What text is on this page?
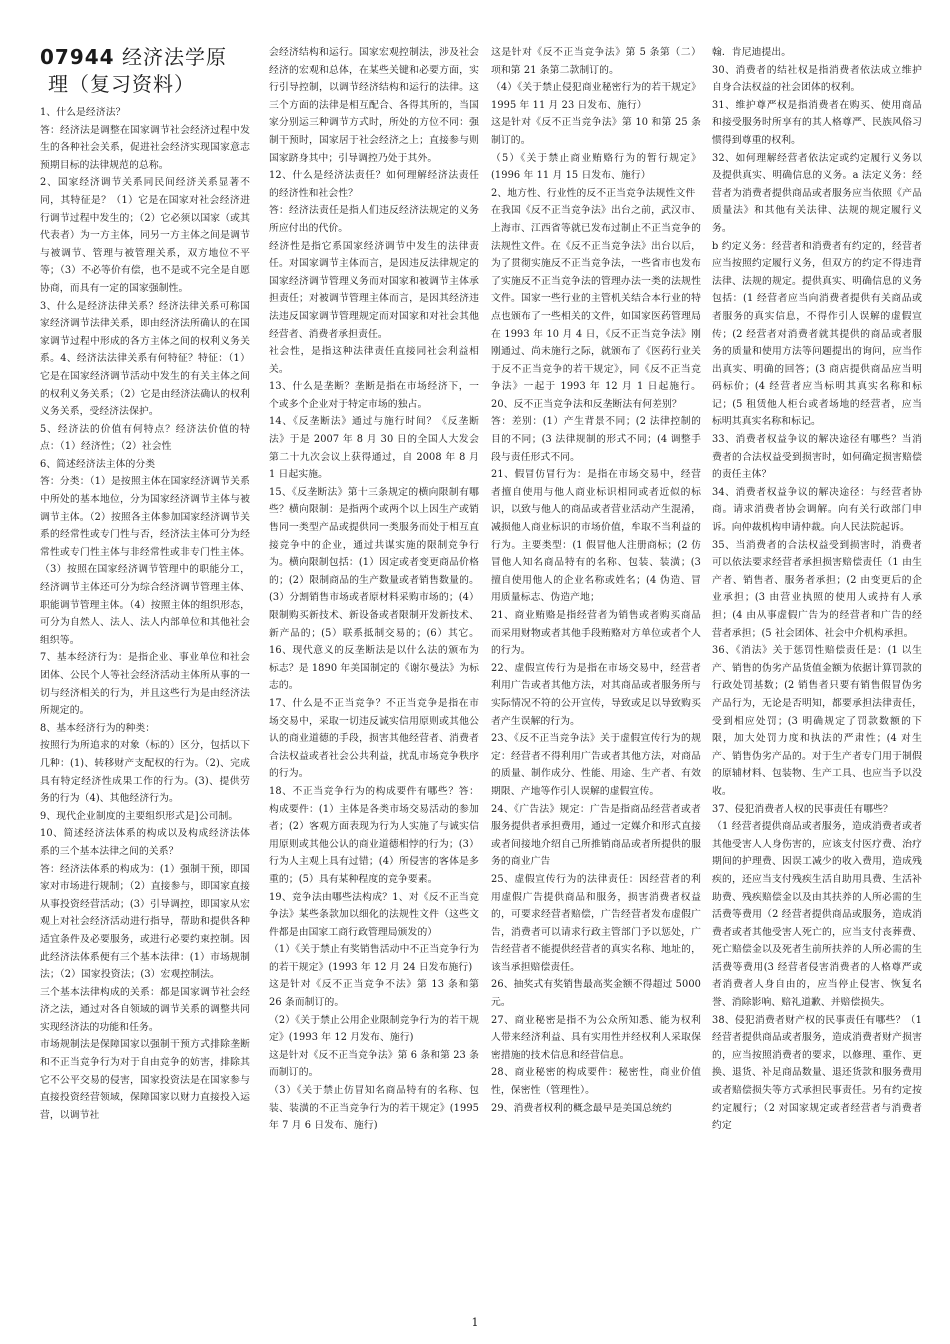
07944 经济法学原
理（复习资料）

1、什么是经济法？

答：经济法是调整在国家调节社会经济过程中发生的各种社会关系，促进社会经济实现国家意志预期目标的法律规范的总称。

2、国家经济调节关系同民间经济关系显著不同，其特征是？（1）它是在国家对社会经济进行调节过程中发生的；（2）它必须以国家（或其代表者）为一方主体，同另一方主体之间是调节与被调节、管理与被管理关系，双方地位不平等；（3）不必等价有偿，也不是或不完全是自愿协商，而具有一定的国家强制性。

3、什么是经济法律关系？经济法律关系可称国家经济调节法律关系，即由经济法所确认的在国家调节过程中形成的各方主体之间的权利义务关系。4、经济法法律关系有何特征？特征：（1）它是在国家经济调节活动中发生的有关主体之间的权利义务关系；（2）它是由经济法确认的权利义务关系，受经济法保护。

5、经济法的价值有何特点？经济法价值的特点：（1）经济性；（2）社会性

6、简述经济法主体的分类

答：分类：（1）是按照主体在国家经济调节关系中所处的基本地位，分为国家经济调节主体与被调节主体。（2）按照各主体参加国家经济调节关系的经常性或专门性与否，经济法主体可分为经常性或专门性主体与非经常性或非专门性主体。（3）按照在国家经济调节管理中的职能分工，经济调节主体还可分为综合经济调节管理主体、职能调节管理主体。（4）按照主体的组织形态，可分为自然人、法人、法人内部单位和其他社会组织等。

7、基本经济行为：是指企业、事业单位和社会团体、公民个人等社会经济活动主体所从事的一切与经济相关的行为，并且这些行为是由经济法所规定的。

8、基本经济行为的种类：

按照行为所追求的对象（标的）区分，包括以下几种：(1)、转移财产支配权的行为。（2)、完成具有特定经济性成果工作的行为。(3)、提供劳务的行为（4)、其他经济行为。

9、现代企业制度的主要组织形式是]公司制。

10、简述经济法体系的构成以及构成经济法体系的三个基本法律之间的关系？

答：经济法体系的构成为：(1）强制干预，即国家对市场进行规制；（2）直接参与，即国家直接从事投资经营活动；(3）引导调控，即国家从宏观上对社会经济活动进行指导，帮助和提供各种适宜条件及必要服务，或进行必要约束控制。因此经济法体系便有三个基本法律：(1）市场规制法；（2）国家投资法；(3）宏观控制法。

三个基本法律构成的关系：都是国家调节社会经济之法，通过对各自领域的调节关系的调整共同实现经济法的功能和任务。

市场规制法是保障国家以强制干预方式排除垄断和不正当竞争行为对于自由竞争的妨害，排除其它不公平交易的侵害，国家投资法是在国家参与直接投资经营领域，保障国家以财力直接投入运营，以调节社

会经济结构和运行。国家宏观控制法，涉及社会经济的宏观和总体，在某些关键和必要方面，实行引导控制，以调节经济结构和运行的法律。这三个方面的法律是相互配合、各得其所的，当国家分别运三种调节方式时，所处的方位不同：强制干预时，国家居于社会经济之上；直接参与则国家跻身其中；引导调控乃处于其外。

12、什么是经济法责任？如何理解经济法责任的经济性和社会性？

答：经济法责任是指人们违反经济法规定的义务所应付出的代价。

经济性是指它系国家经济调节中发生的法律责任。对国家调节主体而言，是因违反法律规定的国家经济调节管理义务而对国家和被调节主体承担责任；对被调节管理主体而言，是因其经济违法违反国家调节管理规定而对国家和对社会其他经营者、消费者承担责任。

社会性，是指这种法律责任直接同社会利益相关。

13、什么是垄断？垄断是指在市场经济下，一个或多个企业对于特定市场的独占。

14、《反垄断法》通过与施行时间？《反垄断法》于是 2007 年 8 月 30 日的全国人大发会第二十九次会议上获得通过，自 2008 年 8 月 1 日起实施。

15、《反垄断法》第十三条规定的横向限制有哪些？横向限制：是指两个或两个以上因生产或销售同一类型产品或提供同一类服务而处于相互直接竞争中的企业，通过共谋实施的限制竞争行为。横向限制包括：(1）因定或者变更商品价格的；(2）限制商品的生产数量或者销售数量的。(3）分割销售市场或者原材料采购市场的；(4）限制购买新技术、新设备或者限制开发新技术、新产品的；(5）联系抵制交易的；(6）其它。16、现代意义的反垄断法是以什么法的颁布为标志？是 1890 年美国制定的《谢尔曼法》为标志的。

17、什么是不正当竞争？不正当竞争是指在市场交易中，采取一切违反诚实信用原则或其他公认的商业道德的手段，损害其他经营者、消费者合法权益或者社会公共利益，扰乱市场竞争秩序的行为。

18、不正当竞争行为的构成要件有哪些？答：构成要件：(1）主体是各类市场交易活动的参加者；(2）客观方面表现为行为人实施了与诚实信用原则或其他公认的商业道德相悖的行为；(3）行为人主观上具有过错；(4）所侵害的客体是多重的；(5）具有某种程度的竞争要素。

19、竞争法由哪些法构成？1、对《反不正当竞争法》某些条款加以细化的法规性文件（这些文件都是由国家工商行政管理局颁发的）

（1）《关于禁止有奖销售活动中不正当竞争行为的若干规定》(1993 年 12 月 24 日发布施行)

这是针对《反不正当竞争不法》第 13 条和第 26 条而制订的。

（2）《关于禁止公用企业限制竞争行为的若干规定》(1993 年 12 月发布、施行)

这是针对《反不正当竞争法》第 6 条和第 23 条而制订的。

（3）《关于禁止仿冒知名商品特有的名称、包装、装潢的不正当竞争行为的若干规定》(1995 年 7 月 6 日发布、施行)

这是针对《反不正当竞争法》第 5 条第（二）项和第 21 条第二款制订的。

（4）《关于禁止侵犯商业秘密行为的若干规定》1995 年 11 月 23 日发布、施行）

这是针对《反不正当竞争法》第 10 和第 25 条制订的。

（5）《关于禁止商业贿赂行为的暂行规定》(1996 年 11 月 15 日发布、施行）

2、地方性、行业性的反不正当竞争法规性文件

在我国《反不正当竞争法》出台之前，武汉市、上海市、江西省等就已发布过制止不正当竞争的法规性文件。在《反不正当竞争法》出台以后，为了贯彻实施反不正当竞争法，一些省市也发布了实施反不正当竞争法的管理办法一类的法规性文件。国家一些行业的主管机关结合本行业的特点也颁布了一些相关的文件，如国家医药管理局在 1993 年 10 月 4 日，《反不正当竞争法》刚刚通过、尚未施行之际，就颁布了《医药行业关于反不正当竞争的若干规定》，同《反不正当竞争法》一起于 1993 年 12 月 1 日起施行。20、反不正当竞争法和反垄断法有何差别？

答：差别：(1）产生背景不同；(2 法律控制的目的不同；(3 法律规制的形式不同；(4 调整手段与责任形式不同。

21、假冒仿冒行为：是指在市场交易中，经营者擅自使用与他人商业标识相同或者近似的标识，以致与他人的商品或者营业活动产生混淆，减损他人商业标识的市场价值，牟取不当利益的行为。主要类型：(1 假冒他人注册商标；(2 仿冒他人知名商品特有的名称、包装、装潢；(3 擅自使用他人的企业名称或姓名；(4 伪造、冒用质量标志、伪造产地；

21、商业贿赂是指经营者为销售或者购买商品而采用财物或者其他手段贿赂对方单位或者个人的行为。

22、虚假宣传行为是指在市场交易中，经营者利用广告或者其他方法，对其商品或者服务所与实际情况不符的公开宣传，导致或足以导致购买者产生误解的行为。

23、《反不正当竞争法》关于虚假宣传行为的规定：经营者不得利用广告或者其他方法，对商品的质量、制作成分、性能、用途、生产者、有效期限、产地等作引人误解的虚假宣传。

24、《广告法》规定：广告是指商品经营者或者服务提供者承担费用，通过一定媒介和形式直接或者间接地介绍自己所推销商品或者所提供的服务的商业广告

25、虚假宣传行为的法律责任：因经营者的利用虚假广告提供商品和服务，损害消费者权益的，可要求经营者赔偿，广告经营者发布虚假广告，消费者可以请求行政主管部门予以惩处，广告经营者不能提供经营者的真实名称、地址的，该当承担赔偿责任。

26、抽奖式有奖销售最高奖金额不得超过 5000 元。

27、商业秘密是指不为公众所知悉、能为权利人带来经济利益、具有实用性并经权利人采取保密措施的技术信息和经营信息。

28、商业秘密的构成要件：秘密性，商业价值性，保密性（管理性）。

29、消费者权利的概念最早是美国总统约

翰．肯尼迪提出。

30、消费者的结社权是指消费者依法成立维护自身合法权益的社会团体的权利。

31、维护尊严权是指消费者在购买、使用商品和接受服务时所享有的其人格尊严、民族风俗习惯得到尊重的权利。

32、如何理解经营者依法定或约定履行义务以及提供真实、明确信息的义务。a 法定义务：经营者为消费者提供商品或者服务应当依照《产品质量法》和其他有关法律、法规的规定履行义务。

b 约定义务：经营者和消费者有约定的，经营者应当按照约定履行义务，但双方的约定不得违背法律、法规的规定。提供真实、明确信息的义务包括：(1 经营者应当向消费者提供有关商品或者服务的真实信息，不得作引人误解的虚假宣传；(2 经营者对消费者就其提供的商品或者服务的质量和使用方法等问题提出的询问，应当作出真实、明确的回答；(3 商店提供商品应当明码标价；(4 经营者应当标明其真实名称和标记；(5 租赁他人柜台或者场地的经营者，应当标明其真实名称和标记。

33、消费者权益争议的解决途径有哪些？当消费者的合法权益受到损害时，如何确定损害赔偿的责任主体？

34、消费者权益争议的解决途径：与经营者协商。请求消费者协会调解。向有关行政部门申诉。向仲裁机构申请仲裁。向人民法院起诉。

35、当消费者的合法权益受到损害时，消费者可以依法要求经营者承担损害赔偿责任（1 由生产者、销售者、服务者承担；(2 由变更后的企业承担；(3 由营业执照的使用人或持有人承担；(4 由从事虚假广告为的经营者和广告的经营者承担；(5 社会团体、社会中介机构承担。

36、《消法》关于惩罚性赔偿责任是：(1 以生产、销售的伪劣产品货值金额为依据计算罚款的行政处罚基数；(2 销售者只要有销售假冒伪劣产品行为，无论是否明知，都要承担法律责任，受到相应处罚；(3 明确规定了罚款数额的下限，加大处罚力度和执法的严肃性；(4 对生产、销售伪劣产品的。对于生产者专门用于制假的原辅材料、包装物、生产工具、也应当予以没收。

37、侵犯消费者人权的民事责任有哪些？

（1 经营者提供商品或者服务，造成消费者或者其他受害人人身伤害的，应该支付医疗费、治疗期间的护理费、因误工减少的收入费用，造成残疾的，还应当支付残疾生活自助用具费、生活补助费、残疾赔偿金以及由其扶养的人所必需的生活费等费用（2 经营者提供商品或服务，造成消费者或者其他受害人死亡的，应当支付丧葬费、死亡赔偿金以及死者生前所扶养的人所必需的生活费等费用(3 经营者侵害消费者的人格尊严或者消费者人身自由的，应当停止侵害、恢复名誉、消除影响、赔礼道歉、并赔偿损失。

38、侵犯消费者财产权的民事责任有哪些？（1 经营者提供商品或者服务，造成消费者财产损害的，应当按照消费者的要求，以修理、重作、更换、退货、补足商品数量、退还货款和服务费用或者赔偿损失等方式承担民事责任。另有约定按约定履行；（2 对国家规定或者经营者与消费者约定

1
